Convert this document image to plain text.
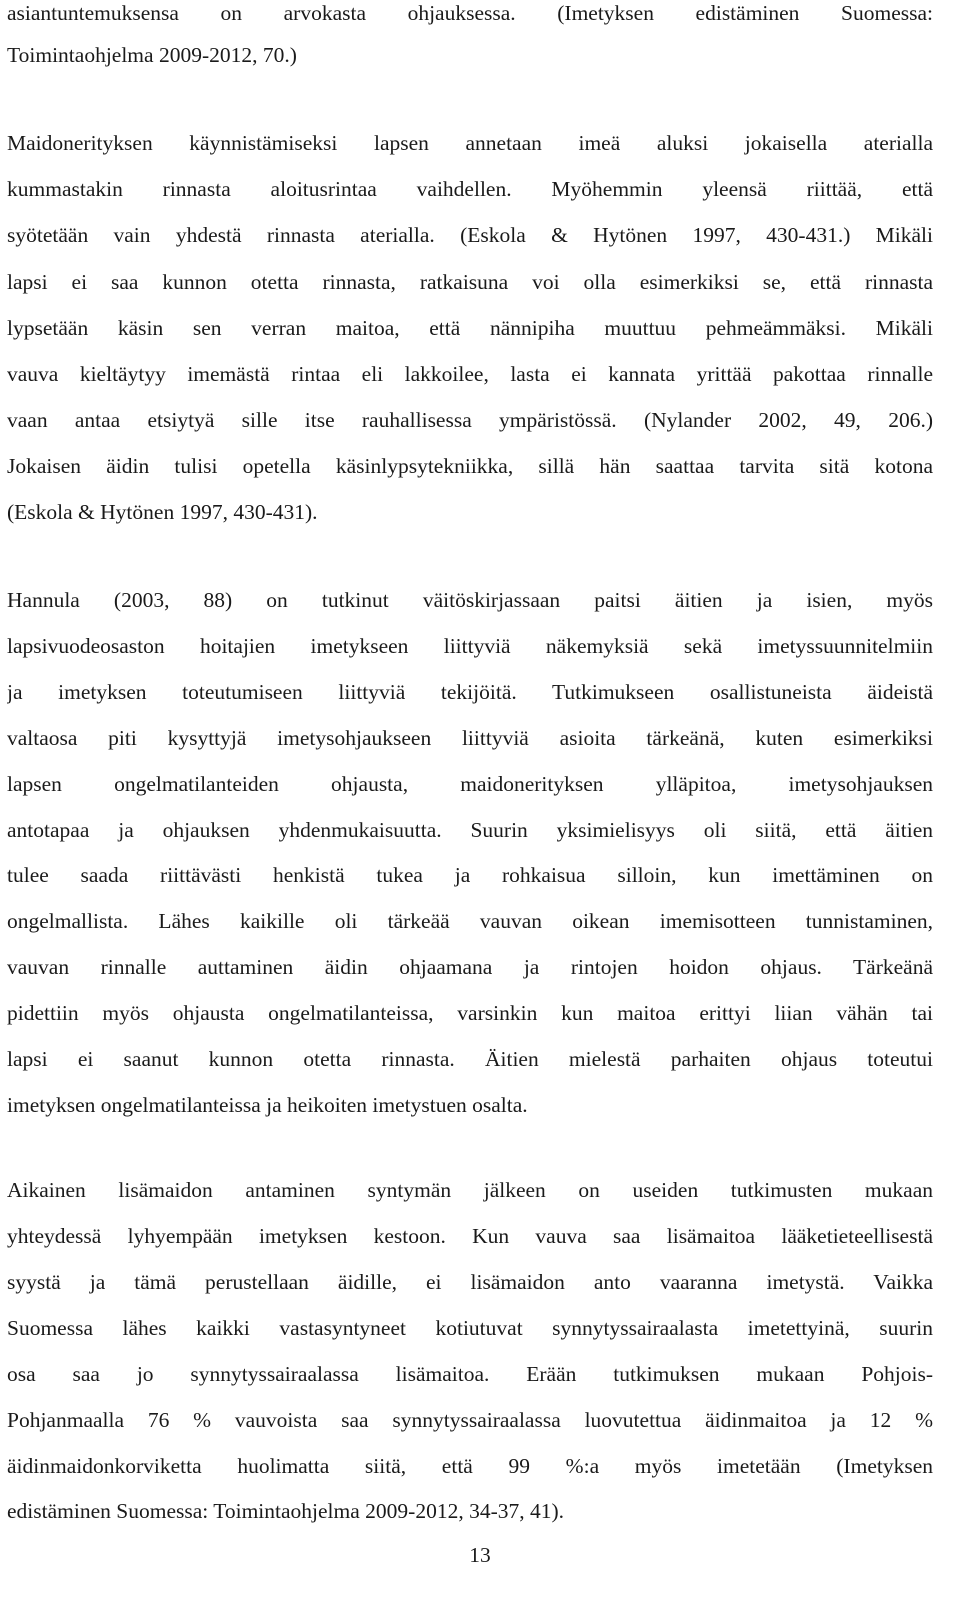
asiantuntemuksensa on arvokasta ohjauksessa. (Imetyksen edistäminen Suomessa:
Toimintaohjelma 2009-2012, 70.)
Maidonerityksen käynnistämiseksi lapsen annetaan imeä aluksi jokaisella aterialla
kummastakin rinnasta aloitusrintaa vaihdellen. Myöhemmin yleensä riittää, että
syötetään vain yhdestä rinnasta aterialla. (Eskola & Hytönen 1997, 430-431.) Mikäli
lapsi ei saa kunnon otetta rinnasta, ratkaisuna voi olla esimerkiksi se, että rinnasta
lypsetään käsin sen verran maitoa, että nännipiha muuttuu pehmeämmäksi. Mikäli
vauva kieltäytyy imemästä rintaa eli lakkoilee, lasta ei kannata yrittää pakottaa rinnalle
vaan antaa etsiytyä sille itse rauhallisessa ympäristössä. (Nylander 2002, 49, 206.)
Jokaisen äidin tulisi opetella käsinlypsytekniikka, sillä hän saattaa tarvita sitä kotona
(Eskola & Hytönen 1997, 430-431).
Hannula (2003, 88) on tutkinut väitöskirjassaan paitsi äitien ja isien, myös
lapsivuodeosaston hoitajien imetykseen liittyviä näkemyksiä sekä imetyssuunnitelmiin
ja imetyksen toteutumiseen liittyviä tekijöitä. Tutkimukseen osallistuneista äideistä
valtaosa piti kysyttyjä imetysohjaukseen liittyviä asioita tärkeänä, kuten esimerkiksi
lapsen ongelmatilanteiden ohjausta, maidonerityksen ylläpitoa, imetysohjauksen
antotapaa ja ohjauksen yhdenmukaisuutta. Suurin yksimielisyys oli siitä, että äitien
tulee saada riittävästi henkistä tukea ja rohkaisua silloin, kun imettäminen on
ongelmallista. Lähes kaikille oli tärkeää vauvan oikean imemisotteen tunnistaminen,
vauvan rinnalle auttaminen äidin ohjaamana ja rintojen hoidon ohjaus. Tärkeänä
pidettiin myös ohjausta ongelmatilanteissa, varsinkin kun maitoa erittyi liian vähän tai
lapsi ei saanut kunnon otetta rinnasta. Äitien mielestä parhaiten ohjaus toteutui
imetyksen ongelmatilanteissa ja heikoiten imetystuen osalta.
Aikainen lisämaidon antaminen syntymän jälkeen on useiden tutkimusten mukaan
yhteydessä lyhyempään imetyksen kestoon. Kun vauva saa lisämaitoa lääketieteellisestä
syystä ja tämä perustellaan äidille, ei lisämaidon anto vaaranna imetystä. Vaikka
Suomessa lähes kaikki vastasyntyneet kotiutuvat synnytyssairaalasta imetettyinä, suurin
osa saa jo synnytyssairaalassa lisämaitoa. Erään tutkimuksen mukaan Pohjois-
Pohjanmaalla 76 % vauvoista saa synnytyssairaalassa luovutettua äidinmaitoa ja 12 %
äidinmaidonkorviketta huolimatta siitä, että 99 %:a myös imetetään (Imetyksen
edistäminen Suomessa: Toimintaohjelma 2009-2012, 34-37, 41).
13
